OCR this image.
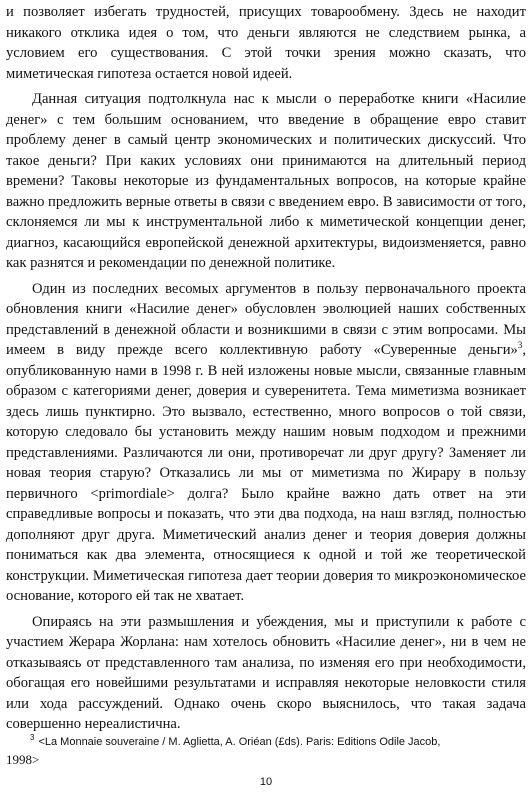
и позволяет избегать трудностей, присущих товарообмену. Здесь не находит никакого отклика идея о том, что деньги являются не следствием рынка, а условием его существования. С этой точки зрения можно сказать, что миметическая гипотеза остается новой идеей.

Данная ситуация подтолкнула нас к мысли о переработке книги «Насилие денег» с тем большим основанием, что введение в обращение евро ставит проблему денег в самый центр экономических и политических дискуссий. Что такое деньги? При каких условиях они принимаются на длительный период времени? Таковы некоторые из фундаментальных вопросов, на которые крайне важно предложить верные ответы в связи с введением евро. В зависимости от того, склоняемся ли мы к инструментальной либо к миметической концепции денег, диагноз, касающийся европейской денежной архитектуры, видоизменяется, равно как разнятся и рекомендации по денежной политике.

Один из последних весомых аргументов в пользу первоначального проекта обновления книги «Насилие денег» обусловлен эволюцией наших собственных представлений в денежной области и возникшими в связи с этим вопросами. Мы имеем в виду прежде всего коллективную работу «Суверенные деньги»$^3$, опубликованную нами в 1998 г. В ней изложены новые мысли, связанные главным образом с категориями денег, доверия и суверенитета. Тема миметизма возникает здесь лишь пунктирно. Это вызвало, естественно, много вопросов о той связи, которую следовало бы установить между нашим новым подходом и прежними представлениями. Различаются ли они, противоречат ли друг другу? Заменяет ли новая теория старую? Отказались ли мы от миметизма по Жирару в пользу первичного <primordiale> долга? Было крайне важно дать ответ на эти справедливые вопросы и показать, что эти два подхода, на наш взгляд, полностью дополняют друг друга. Миметический анализ денег и теория доверия должны пониматься как два элемента, относящиеся к одной и той же теоретической конструкции. Миметическая гипотеза дает теории доверия то микроэкономическое основание, которого ей так не хватает.

Опираясь на эти размышления и убеждения, мы и приступили к работе с участием Жерара Жорлана: нам хотелось обновить «Насилие денег», ни в чем не отказываясь от представленного там анализа, по изменяя его при необходимости, обогащая его новейшими результатами и исправляя некоторые неловкости стиля или хода рассуждений. Однако очень скоро выяснилось, что такая задача совершенно нереалистична.

3 <La Monnaie souveraine / M. Aglietta, A. Oriéan (£ds). Paris: Editions Odile Jacob,
1998>
10
